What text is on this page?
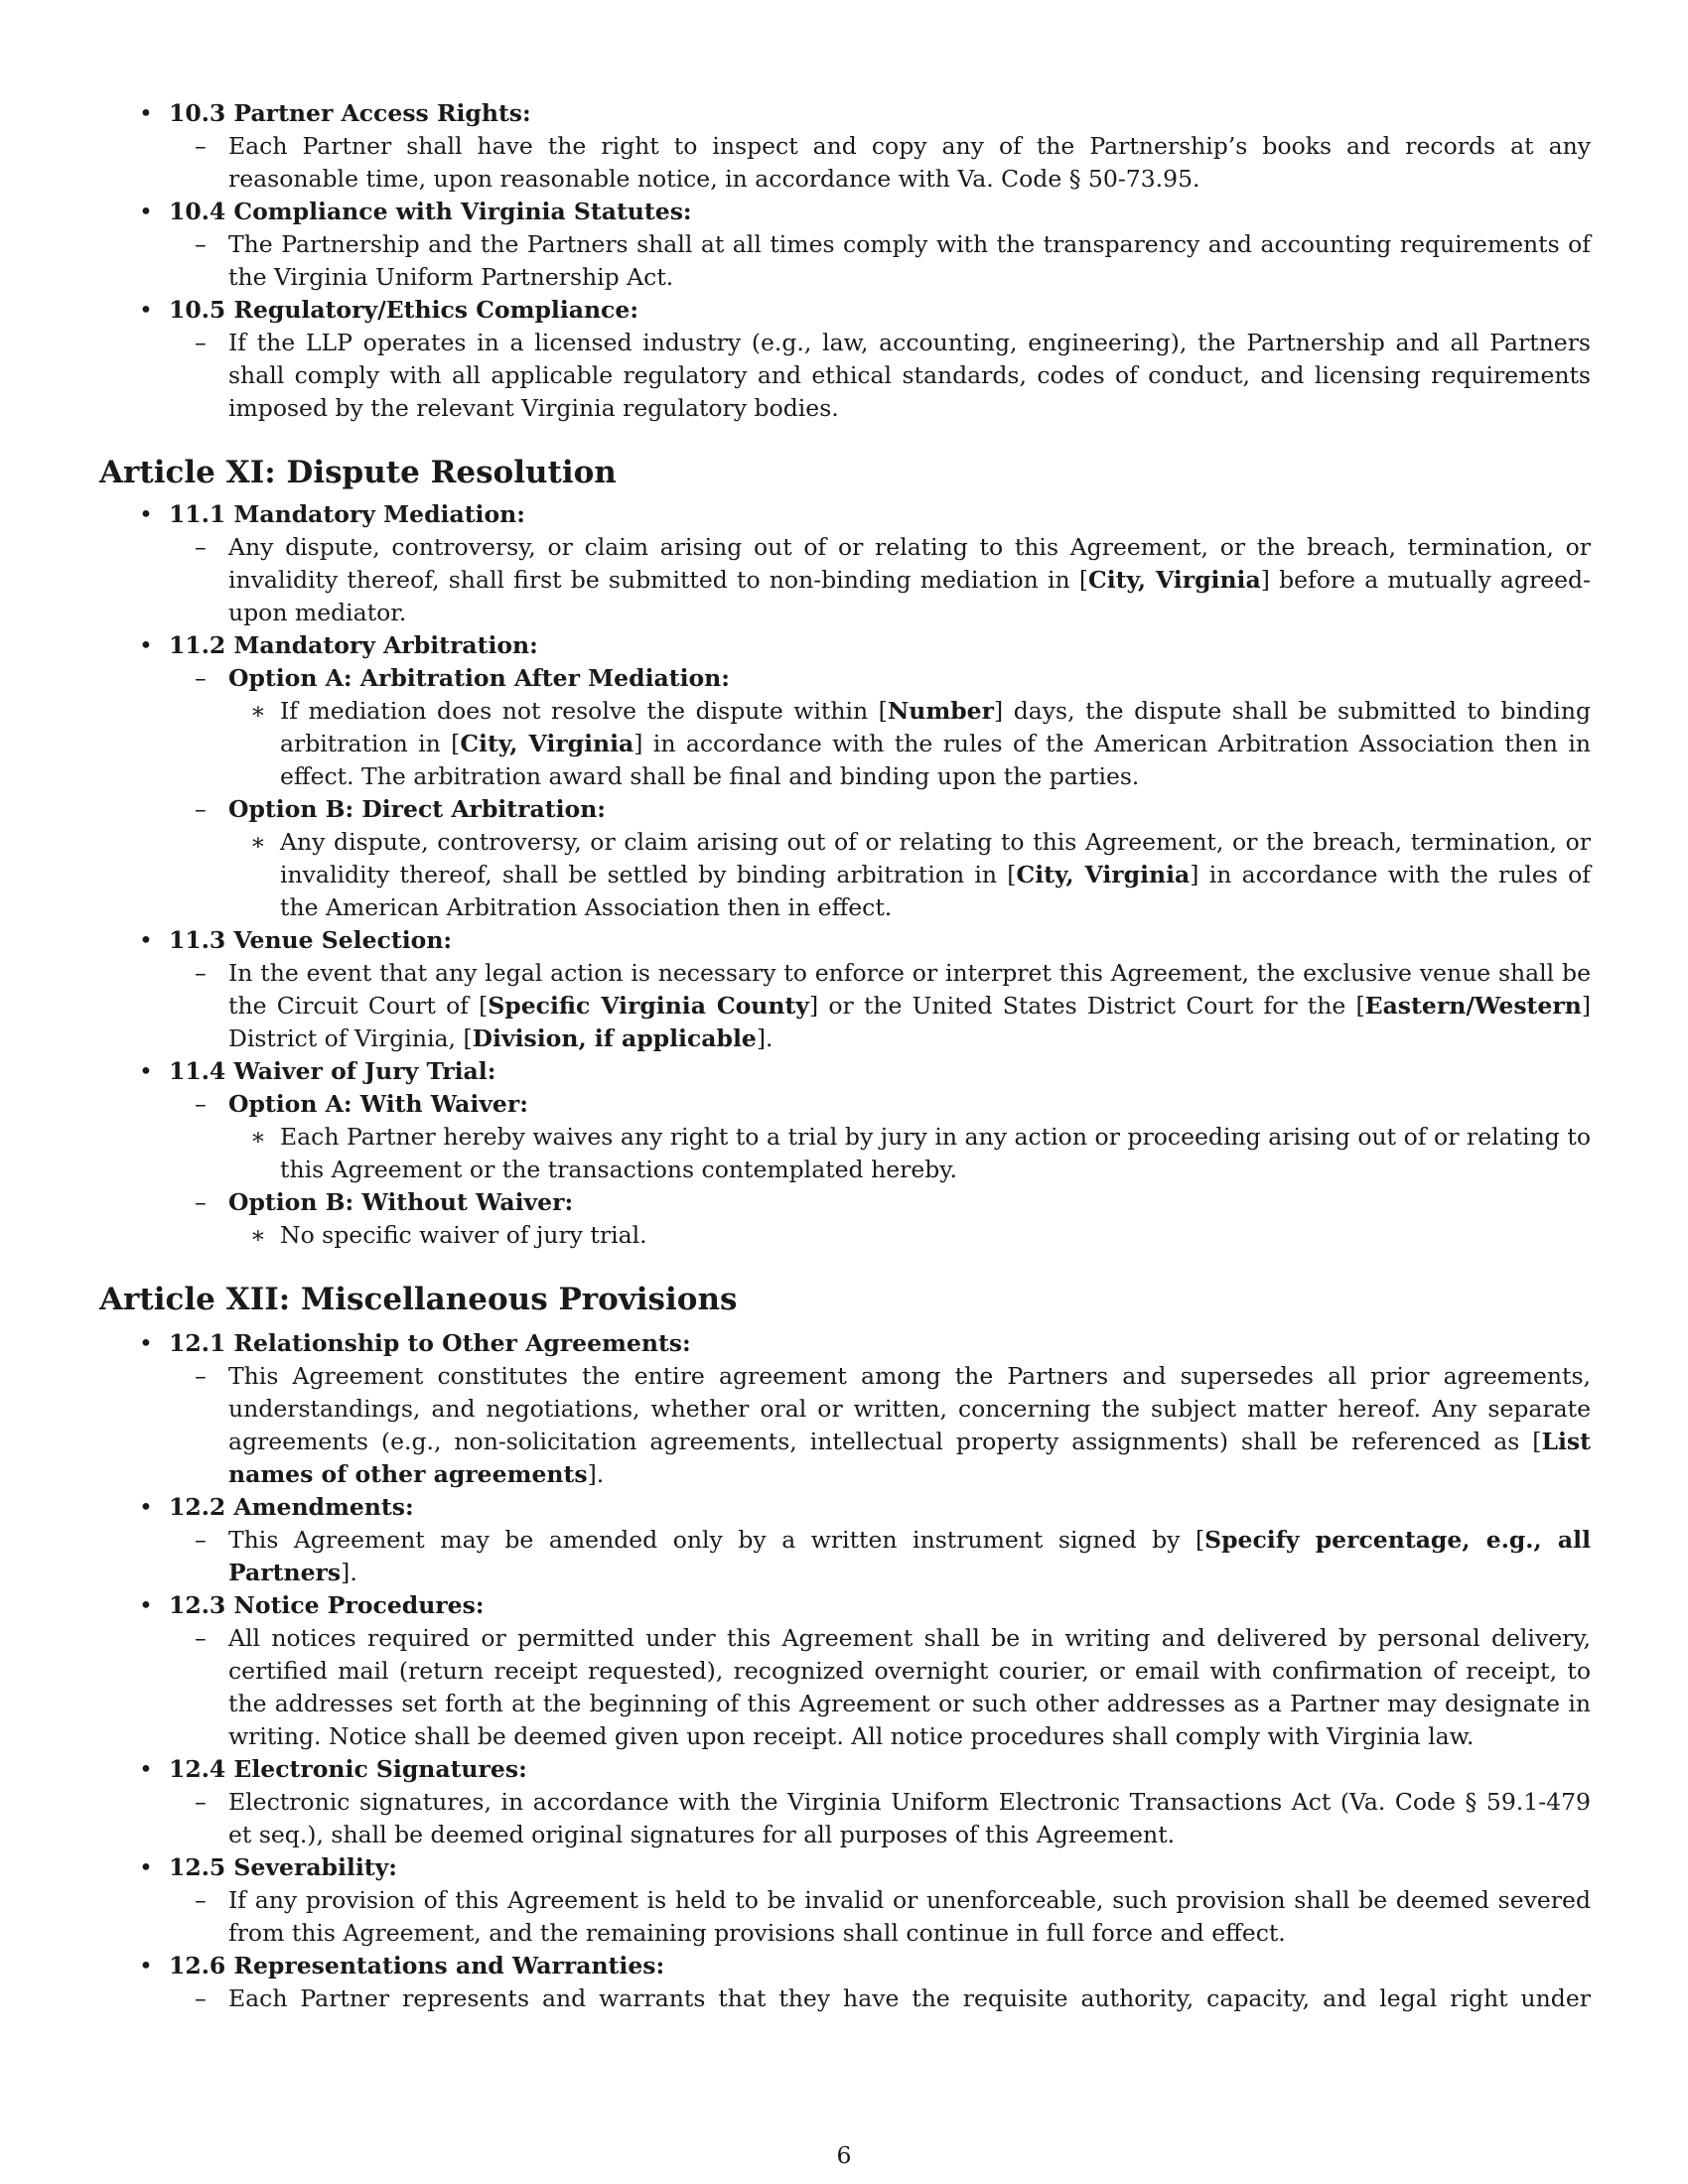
• 10.3 Partner Access Rights:
– Each Partner shall have the right to inspect and copy any of the Partnership’s books and records at any reasonable time, upon reasonable notice, in accordance with Va. Code § 50-73.95.
• 10.4 Compliance with Virginia Statutes:
– The Partnership and the Partners shall at all times comply with the transparency and accounting requirements of the Virginia Uniform Partnership Act.
• 10.5 Regulatory/Ethics Compliance:
– If the LLP operates in a licensed industry (e.g., law, accounting, engineering), the Partnership and all Partners shall comply with all applicable regulatory and ethical standards, codes of conduct, and licensing requirements imposed by the relevant Virginia regulatory bodies.
Article XI: Dispute Resolution
• 11.1 Mandatory Mediation:
– Any dispute, controversy, or claim arising out of or relating to this Agreement, or the breach, termination, or invalidity thereof, shall first be submitted to non-binding mediation in [City, Virginia] before a mutually agreed-upon mediator.
• 11.2 Mandatory Arbitration:
– Option A: Arbitration After Mediation:
∗ If mediation does not resolve the dispute within [Number] days, the dispute shall be submitted to binding arbitration in [City, Virginia] in accordance with the rules of the American Arbitration Association then in effect. The arbitration award shall be final and binding upon the parties.
– Option B: Direct Arbitration:
∗ Any dispute, controversy, or claim arising out of or relating to this Agreement, or the breach, termination, or invalidity thereof, shall be settled by binding arbitration in [City, Virginia] in accordance with the rules of the American Arbitration Association then in effect.
• 11.3 Venue Selection:
– In the event that any legal action is necessary to enforce or interpret this Agreement, the exclusive venue shall be the Circuit Court of [Specific Virginia County] or the United States District Court for the [Eastern/Western] District of Virginia, [Division, if applicable].
• 11.4 Waiver of Jury Trial:
– Option A: With Waiver:
∗ Each Partner hereby waives any right to a trial by jury in any action or proceeding arising out of or relating to this Agreement or the transactions contemplated hereby.
– Option B: Without Waiver:
∗ No specific waiver of jury trial.
Article XII: Miscellaneous Provisions
• 12.1 Relationship to Other Agreements:
– This Agreement constitutes the entire agreement among the Partners and supersedes all prior agreements, understandings, and negotiations, whether oral or written, concerning the subject matter hereof. Any separate agreements (e.g., non-solicitation agreements, intellectual property assignments) shall be referenced as [List names of other agreements].
• 12.2 Amendments:
– This Agreement may be amended only by a written instrument signed by [Specify percentage, e.g., all Partners].
• 12.3 Notice Procedures:
– All notices required or permitted under this Agreement shall be in writing and delivered by personal delivery, certified mail (return receipt requested), recognized overnight courier, or email with confirmation of receipt, to the addresses set forth at the beginning of this Agreement or such other addresses as a Partner may designate in writing. Notice shall be deemed given upon receipt. All notice procedures shall comply with Virginia law.
• 12.4 Electronic Signatures:
– Electronic signatures, in accordance with the Virginia Uniform Electronic Transactions Act (Va. Code § 59.1-479 et seq.), shall be deemed original signatures for all purposes of this Agreement.
• 12.5 Severability:
– If any provision of this Agreement is held to be invalid or unenforceable, such provision shall be deemed severed from this Agreement, and the remaining provisions shall continue in full force and effect.
• 12.6 Representations and Warranties:
– Each Partner represents and warrants that they have the requisite authority, capacity, and legal right under
6
